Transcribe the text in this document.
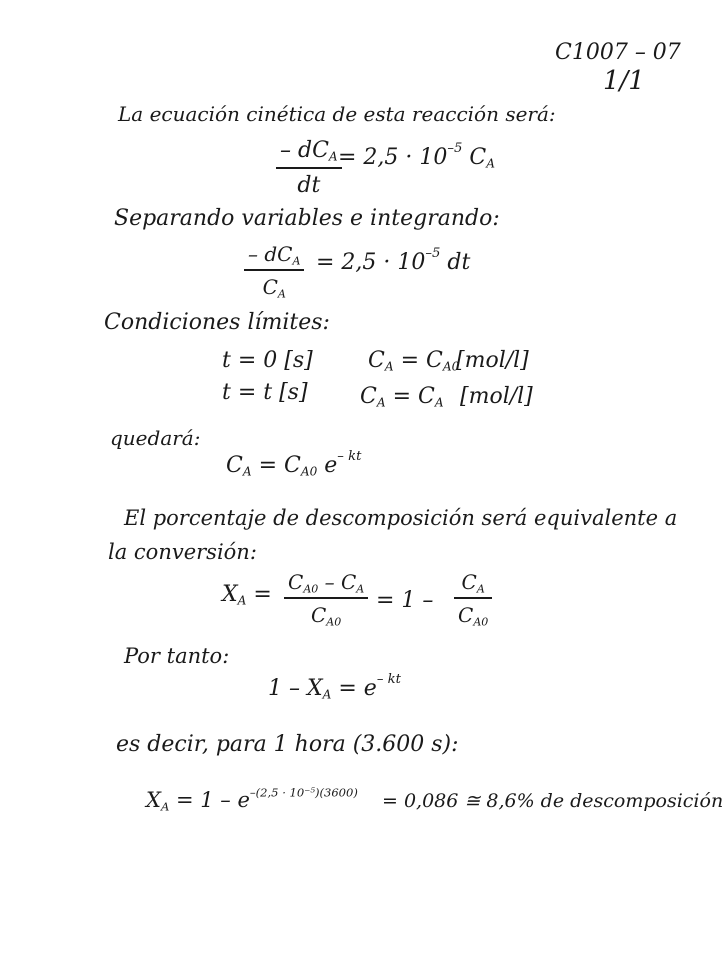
C1007 – 07
1/1
La ecuación cinética de esta reacción será:
– $dC_A$
dt
= $2,5 \cdot 10^{-5}$ $C_A$
Separando variables e integrando:
– $dC_A$
$C_A$
= $2,5 \cdot 10^{-5}$ dt
Condiciones límites:
t = 0 [s]	$C_A = C_{A0}$
[mol/l]
t = t [s] $C_A = C_A$ [mol/l]
quedará:
$C_A = C_{A0}$ $e^{- kt}$
El porcentaje de descomposición será equivalente a
la conversión:
$X_A = C_{A0} - C_A$
$C_{A0}$
= 1 –
$C_A$
$C_{A0}$
Por tanto:
$1 - X_A = e^{- kt}$
es decir, para 1 hora (3.600 s):
$X_A = 1 - e^{-(2,5 \cdot 10^{-5})(3600)} = 0,086$ ≅ 8,6% de descomposición
